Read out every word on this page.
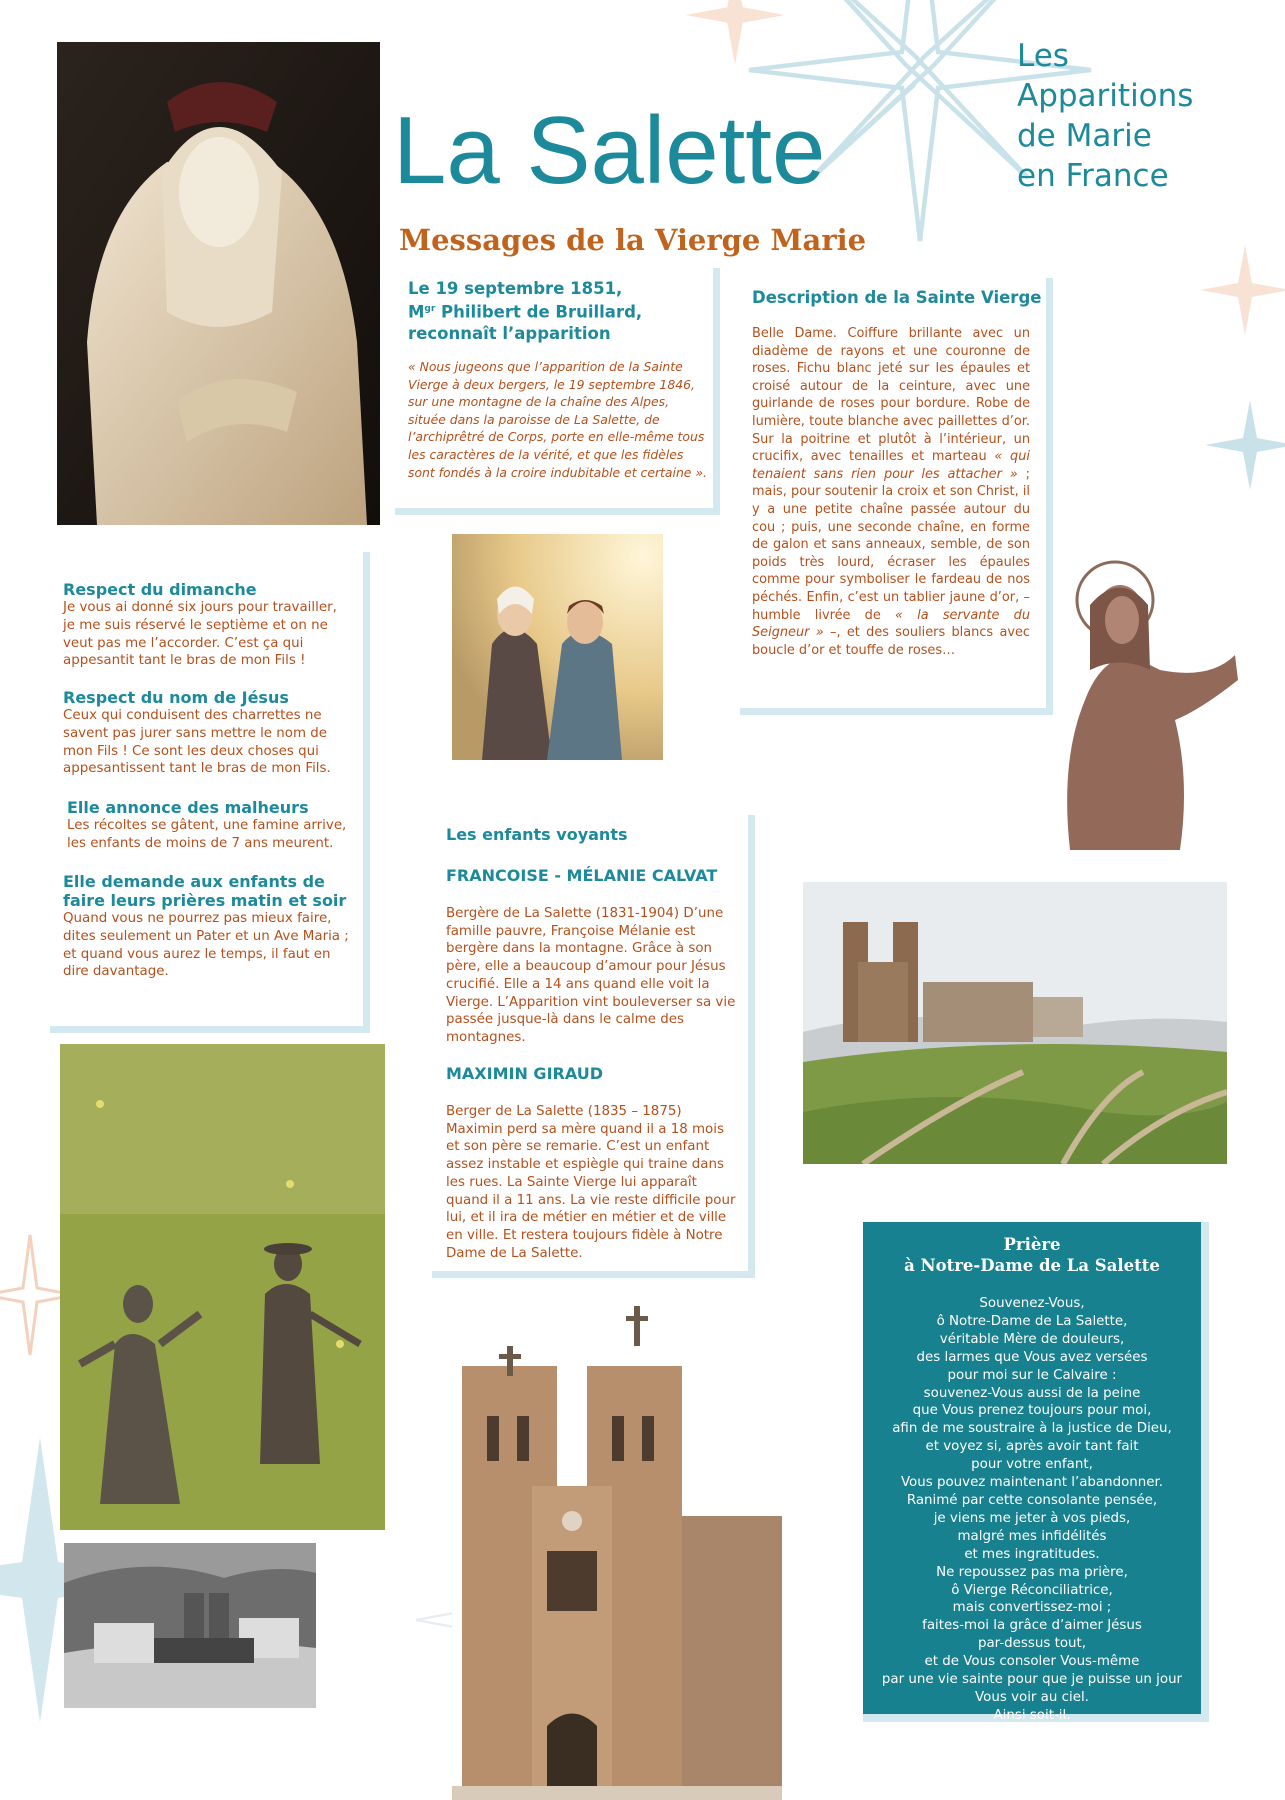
Les
Apparitions
de Marie
en France
La Salette
Messages de la Vierge Marie
Le 19 septembre 1851,
$M^{gr}$ Philibert de Bruillard,
reconnaît l’apparition
« Nous jugeons que l’apparition de la Sainte Vierge à deux bergers, le 19 septembre 1846, sur une montagne de la chaîne des Alpes, située dans la paroisse de La Salette, de l’archiprêtré de Corps, porte en elle-même tous les caractères de la vérité, et que les fidèles sont fondés à la croire indubitable et certaine ».
Description de la Sainte Vierge
Belle Dame. Coiffure brillante avec un diadème de rayons et une couronne de roses. Fichu blanc jeté sur les épaules et croisé autour de la ceinture, avec une guirlande de roses pour bordure. Robe de lumière, toute blanche avec paillettes d’or. Sur la poitrine et plutôt à l’intérieur, un crucifix, avec tenailles et marteau « qui tenaient sans rien pour les attacher » ; mais, pour soutenir la croix et son Christ, il y a une petite chaîne passée autour du cou ; puis, une seconde chaîne, en forme de galon et sans anneaux, semble, de son poids très lourd, écraser les épaules comme pour symboliser le fardeau de nos péchés. Enfin, c’est un tablier jaune d’or, – humble livrée de « la servante du Seigneur » –, et des souliers blancs avec boucle d’or et touffe de roses…
Respect du dimanche
Je vous ai donné six jours pour travailler, je me suis réservé le septième et on ne veut pas me l’accorder. C’est ça qui appesantit tant le bras de mon Fils !
Respect du nom de Jésus
Ceux qui conduisent des charrettes ne savent pas jurer sans mettre le nom de mon Fils ! Ce sont les deux choses qui appesantissent tant le bras de mon Fils.
Elle annonce des malheurs
Les récoltes se gâtent, une famine arrive, les enfants de moins de 7 ans meurent.
Elle demande aux enfants de faire leurs prières matin et soir
Quand vous ne pourrez pas mieux faire, dites seulement un Pater et un Ave Maria ; et quand vous aurez le temps, il faut en dire davantage.
Les enfants voyants
FRANCOISE - MÉLANIE CALVAT
Bergère de La Salette (1831-1904) D’une famille pauvre, Françoise Mélanie est bergère dans la montagne. Grâce à son père, elle a beaucoup d’amour pour Jésus crucifié. Elle a 14 ans quand elle voit la Vierge. L’Apparition vint bouleverser sa vie passée jusque-là dans le calme des montagnes.
MAXIMIN GIRAUD
Berger de La Salette (1835 – 1875) Maximin perd sa mère quand il a 18 mois et son père se remarie. C’est un enfant assez instable et espiègle qui traine dans les rues. La Sainte Vierge lui apparaît quand il a 11 ans. La vie reste difficile pour lui, et il ira de métier en métier et de ville en ville. Et restera toujours fidèle à Notre Dame de La Salette.	Prière
à Notre-Dame de La Salette
Souvenez-Vous,
ô Notre-Dame de La Salette,
véritable Mère de douleurs,
des larmes que Vous avez versées
pour moi sur le Calvaire :
souvenez-Vous aussi de la peine
que Vous prenez toujours pour moi,
afin de me soustraire à la justice de Dieu,
et voyez si, après avoir tant fait
pour votre enfant,
Vous pouvez maintenant l’abandonner.
Ranimé par cette consolante pensée,
je viens me jeter à vos pieds,
malgré mes infidélités
et mes ingratitudes.
Ne repoussez pas ma prière,
ô Vierge Réconciliatrice,
mais convertissez-moi ;
faites-moi la grâce d’aimer Jésus
par-dessus tout,
et de Vous consoler Vous-même
par une vie sainte pour que je puisse un jour
Vous voir au ciel.
Ainsi soit-il.
